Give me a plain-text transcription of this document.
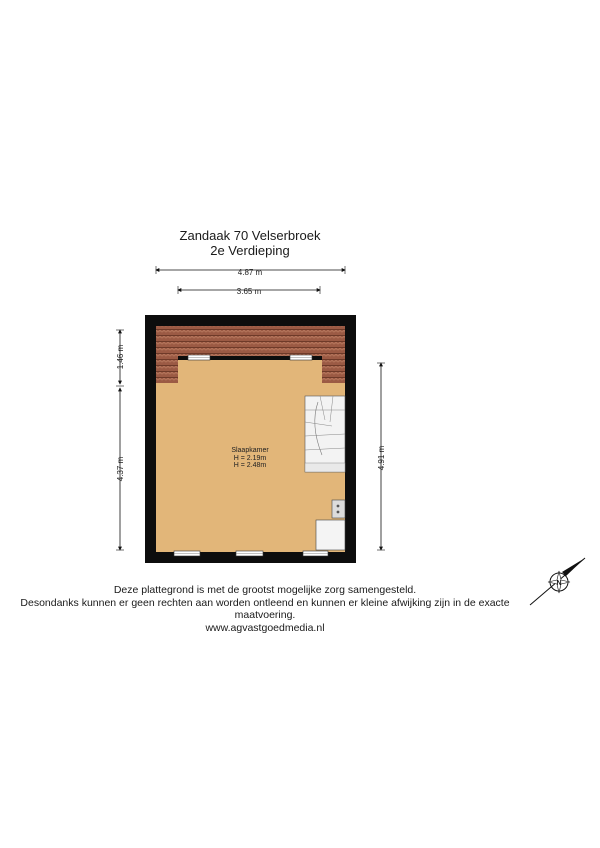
Zandaak 70 Velserbroek
2e Verdieping
4.87 m
3.65 m
1.46 m
4.37 m	4.91 m
Slaapkamer
H = 2.19m
H = 2.48m
N
Deze plattegrond is met de grootst mogelijke zorg samengesteld.
Desondanks kunnen er geen rechten aan worden ontleend en kunnen er kleine afwijking zijn in de exacte maatvoering.
www.agvastgoedmedia.nl
